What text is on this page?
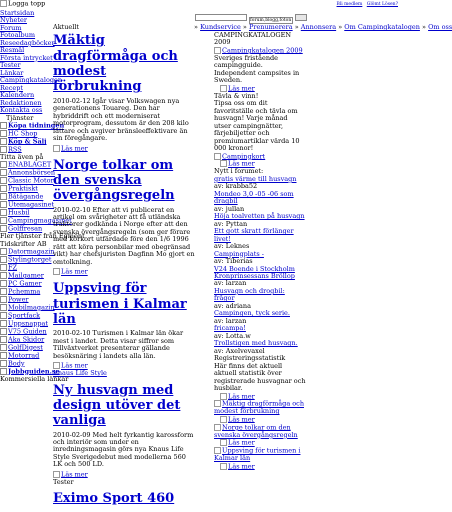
Logga topp	Bli medlem Glömt Lösen?
forum,blogg,foton
» Kundservice » Prenumerera » Annonsera » Om Campingkatalogen » Om oss
Startsidan
Nyheter
Forum
Fotoalbum
Reseedagböcker
Resmål
Första intrycket
Tester
Länkar
Campingkatalogen
Recept
Kalendern
Redaktionen
Kontakta oss
Tjänster
Köpa tidningen
HC Shop
Köp & Sälj
RSS
Titta även på
ENABLAGET
Annonsbörsen
Classic Motor
Praktiskt
Båtägande
Utemagasinet
Husbil
Campingmagasinet
Golffresan
Fler tjänster från Egmont
Tidskrifter AB
Datormagazin
Stylingtorget
FZ
Mailgamer
PC Gamer
Pchemma
Power
Mobilmagazin
Sportfack
Uppsnappat
V75 Guiden
Aka Skidor
GolfDigest
Motorrad
Body
Jobbguiden.se
Kommersiella länkar
Aktuellt
Mäktig dragförmåga och modest förbrukning

2010-02-12 Igår visar Volkswagen nya generationens Touareg. Den har hybriddrift och ett moderniserat motorprogram, dessutom är den 208 kilo lättare och avgiver bränsleeffektivare än sin föregångare.

Läs mer
Norge tolkar om den svenska övergångsregeln

2010-02-10 Efter att vi publicerat en artikel om svårigheter att få utländska traktorer godkända i Norge efter att den svenska övergångsregeln (som ger förare med körkort utfärdade före den 1/6 1996 rätt att köra personbilar med obegränsad vikt) har chefsjuristen Dagfinn Mo gjort en omtolkning.

Läs mer
Uppsving för turismen i Kalmar län

2010-02-10 Turismen i Kalmar län ökar mest i landet. Detta visar siffror som Tillväxtverket presenterar gällande besöksnäring i landets alla län.

Läs mer
Knaus Life Style
Ny husvagn med design utöver det vanliga

2010-02-09 Med helt fyrkantig karossform och interiör som under en inredningsmagasin görs nya Knaus Life Style Sverigedebut med modellerna 560 LK och 500 LD.

Läs mer
Tester
Eximo Sport 460
CAMPINGKATALOGEN 2009
Campingkatalogen 2009
Sveriges fristående campingguide. Independent campsites in Sweden.
Läs mer
Tävla & vinn!
Tipsa oss om dit favoritställe och tävla om husvagn! Varje månad utser campingnätter, färjebiljetter och premiumartiklar värda 10 000 kronor!
Campingkort
Läs mer
Nytt i forumet:
gratis värme till husvagn
av: krabba52
Mondeo 3,0 -05 -06 som dragbil
av: jullan
Höja toalvetten på husvagn
av: Pyttan
Ett gott skratt förlänger livet!
av: Leknes
Campingplats -
av: Tiberias
V24 Boende i Stockholm Kronprinsessans Bröllop
av: larzan
Husvagn och drogbil: frågor
av: adriana
Campingen, tyck serie.
av: larzan
fricampa!
av: Lotta.w
Trollstigen med husvagn.
av: Axelvevaxel
Registreringsstatistik
Här finns det aktuell aktuell statistik över registrerade husvagnar och husbilar.
Läs mer
Mäktig dragförmåga och modest förbrukning
Läs mer
Norge tolkar om den svenska övergångsregeln
Läs mer
Uppsving för turismen i Kalmar län
Läs mer
